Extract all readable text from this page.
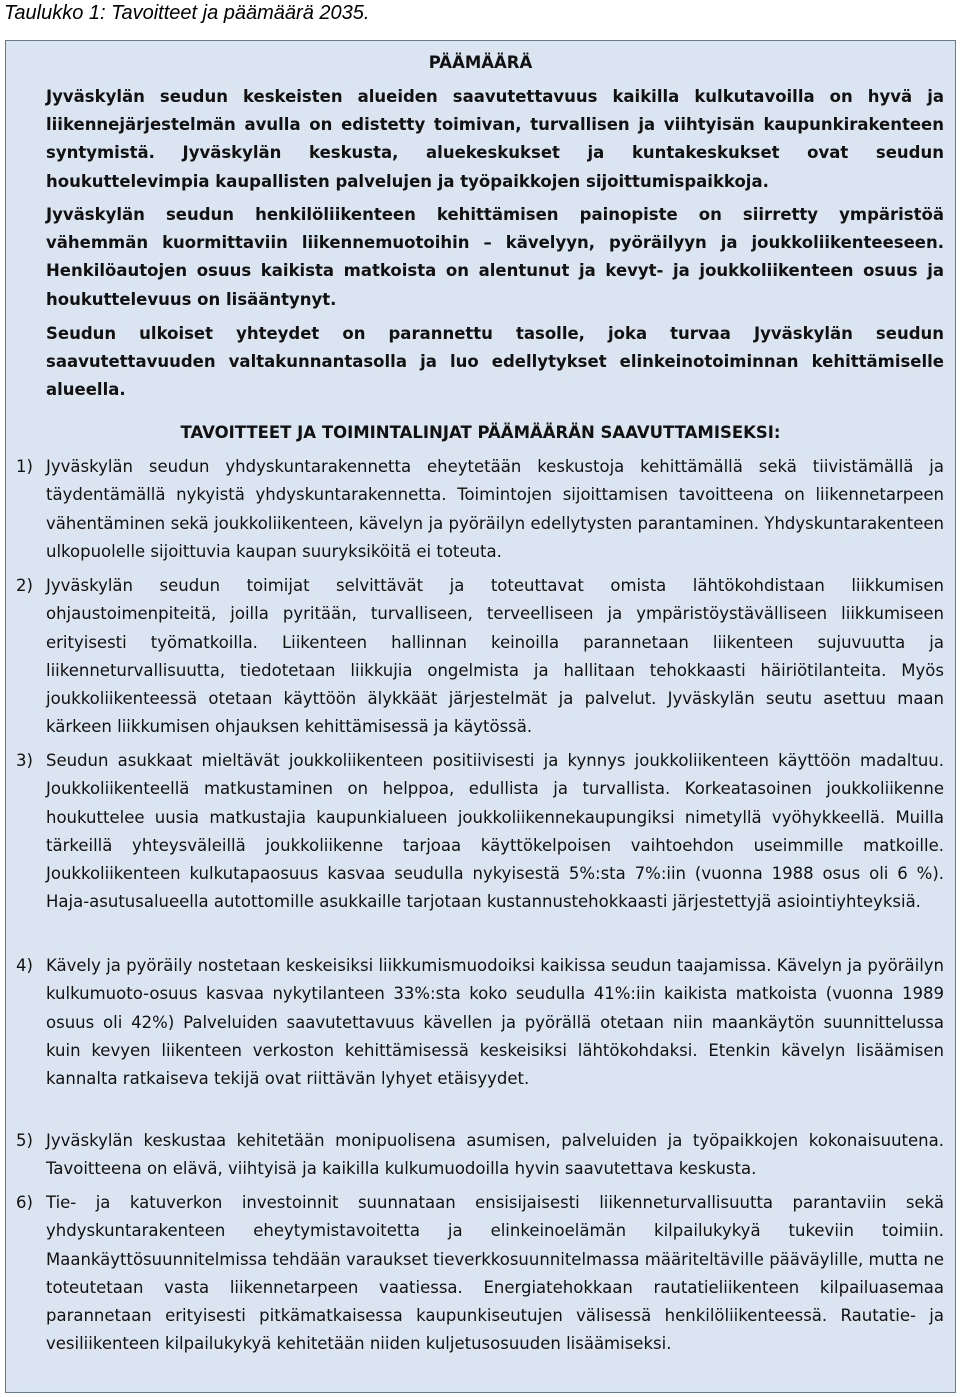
Taulukko 1: Tavoitteet ja päämäärä 2035.
PÄÄMÄÄRÄ
Jyväskylän seudun keskeisten alueiden saavutettavuus kaikilla kulkutavoilla on hyvä ja liikennejärjestelmän avulla on edistetty toimivan, turvallisen ja viihtyisän kaupunkirakenteen syntymistä. Jyväskylän keskusta, aluekeskukset ja kuntakeskukset ovat seudun houkuttelevimpia kaupallisten palvelujen ja työpaikkojen sijoittumispaikkoja.
Jyväskylän seudun henkilöliikenteen kehittämisen painopiste on siirretty ympäristöä vähemmän kuormittaviin liikennemuotoihin – kävelyyn, pyöräilyyn ja joukkoliikenteeseen. Henkilöautojen osuus kaikista matkoista on alentunut ja kevyt- ja joukkoliikenteen osuus ja houkuttelevuus on lisääntynyt.
Seudun ulkoiset yhteydet on parannettu tasolle, joka turvaa Jyväskylän seudun saavutettavuuden valtakunnantasolla ja luo edellytykset elinkeinotoiminnan kehittämiselle alueella.
TAVOITTEET JA TOIMINTALINJAT PÄÄMÄÄRÄN SAAVUTTAMISEKSI:
1) Jyväskylän seudun yhdyskuntarakennetta eheytetään keskustoja kehittämällä sekä tiivistämällä ja täydentämällä nykyistä yhdyskuntarakennetta. Toimintojen sijoittamisen tavoitteena on liikennetarpeen vähentäminen sekä joukkoliikenteen, kävelyn ja pyöräilyn edellytysten parantaminen. Yhdyskuntarakenteen ulkopuolelle sijoittuvia kaupan suuryksiköitä ei toteuta.
2) Jyväskylän seudun toimijat selvittävät ja toteuttavat omista lähtökohdistaan liikkumisen ohjaustoimenpiteitä, joilla pyritään, turvalliseen, terveelliseen ja ympäristöystävälliseen liikkumiseen erityisesti työmatkoilla. Liikenteen hallinnan keinoilla parannetaan liikenteen sujuvuutta ja liikenneturvallisuutta, tiedotetaan liikkujia ongelmista ja hallitaan tehokkaasti häiriötilanteita. Myös joukkoliikenteessä otetaan käyttöön älykkäät järjestelmät ja palvelut. Jyväskylän seutu asettuu maan kärkeen liikkumisen ohjauksen kehittämisessä ja käytössä.
3) Seudun asukkaat mieltävät joukkoliikenteen positiivisesti ja kynnys joukkoliikenteen käyttöön madaltuu. Joukkoliikenteellä matkustaminen on helppoa, edullista ja turvallista. Korkeatasoinen joukkoliikenne houkuttelee uusia matkustajia kaupunkialueen joukkoliikennekaupungiksi nimetyllä vyöhykkeellä. Muilla tärkeillä yhteysväleillä joukkoliikenne tarjoaa käyttökelpoisen vaihtoehdon useimmille matkoille. Joukkoliikenteen kulkutapaosuus kasvaa seudulla nykyisestä 5%:sta 7%:iin (vuonna 1988 osus oli 6 %). Haja-asutusalueella autottomille asukkaille tarjotaan kustannustehokkaasti järjestettyjä asiointiyhteyksiä.
4) Kävely ja pyöräily nostetaan keskeisiksi liikkumismuodoiksi kaikissa seudun taajamissa. Kävelyn ja pyöräilyn kulkumuoto-osuus kasvaa nykytilanteen 33%:sta koko seudulla 41%:iin kaikista matkoista (vuonna 1989 osuus oli 42%) Palveluiden saavutettavuus kävellen ja pyörällä otetaan niin maankäytön suunnittelussa kuin kevyen liikenteen verkoston kehittämisessä keskeisiksi lähtökohdaksi. Etenkin kävelyn lisäämisen kannalta ratkaiseva tekijä ovat riittävän lyhyet etäisyydet.
5) Jyväskylän keskustaa kehitetään monipuolisena asumisen, palveluiden ja työpaikkojen kokonaisuutena. Tavoitteena on elävä, viihtyisä ja kaikilla kulkumuodoilla hyvin saavutettava keskusta.
6) Tie- ja katuverkon investoinnit suunnataan ensisijaisesti liikenneturvallisuutta parantaviin sekä yhdyskuntarakenteen eheytymistavoitetta ja elinkeinoelämän kilpailukykyä tukeviin toimiin. Maankäyttösuunnitelmissa tehdään varaukset tieverkkosuunnitelmassa määriteltäville pääväylille, mutta ne toteutetaan vasta liikennetarpeen vaatiessa. Energiatehokkaan rautatieliikenteen kilpailuasemaa parannetaan erityisesti pitkämatkaisessa kaupunkiseutujen välisessä henkilöliikenteessä. Rautatie- ja vesiliikenteen kilpailukykyä kehitetään niiden kuljetusosuuden lisäämiseksi.
